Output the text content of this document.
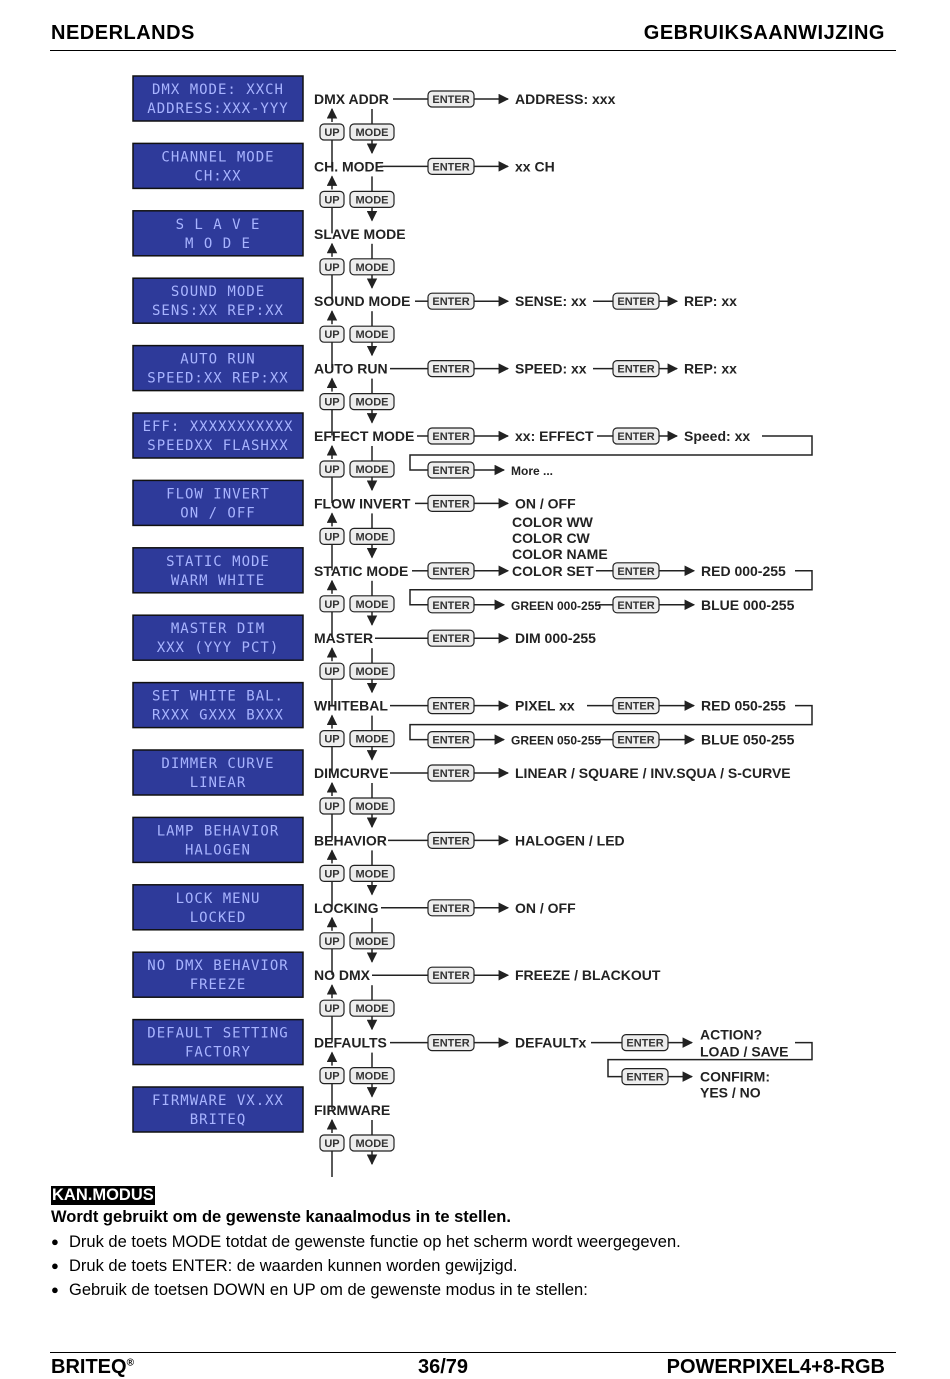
NEDERLANDS	GEBRUIKSAANWIJZING
DMX MODE: XXCH
ADDRESS:XXX-YYY
CHANNEL MODE
CH:XX
S L A V E
M O D E
SOUND MODE
SENS:XX REP:XX
AUTO RUN
SPEED:XX REP:XX
EFF: XXXXXXXXXXX
SPEEDXX FLASHXX
FLOW INVERT
ON / OFF
STATIC MODE
WARM WHITE
MASTER DIM
XXX (YYY PCT)
SET WHITE BAL.
RXXX GXXX BXXX
DIMMER CURVE
LINEAR
LAMP BEHAVIOR
HALOGEN
LOCK MENU
LOCKED
NO DMX BEHAVIOR
FREEZE
DEFAULT SETTING
FACTORY
FIRMWARE VX.XX
BRITEQ
DMX ADDR
CH. MODE
SLAVE MODE
SOUND MODE
AUTO RUN
EFFECT MODE
FLOW INVERT
STATIC MODE
MASTER
WHITEBAL
DIMCURVE
BEHAVIOR
LOCKING
NO DMX
DEFAULTS
FIRMWARE
UP MODE
UP MODE
UP MODE
UP MODE
UP MODE
UP MODE
UP MODE
UP MODE
UP MODE
UP MODE
UP MODE
UP MODE
UP MODE
UP MODE
UP MODE
UP MODE
ENTER
ENTER
ENTER	ENTER
ENTER	ENTER
ENTER	ENTER
ENTER
ENTER
ENTER	ENTER
ENTER	ENTER
ENTER
ENTER	ENTER
ENTER	ENTER
ENTER
ENTER
ENTER
ENTER
ENTER	ENTER
ENTER
ADDRESS: xxx
xx CH
SENSE: xx	REP: xx
SPEED: xx	REP: xx
xx: EFFECT	Speed: xx
More ...
ON / OFF
COLOR WW
COLOR CW
COLOR NAME
COLOR SET	RED 000-255
GREEN 000-255	BLUE 000-255
DIM 000-255
PIXEL xx	RED 050-255
GREEN 050-255	BLUE 050-255
LINEAR / SQUARE / INV.SQUA / S-CURVE
HALOGEN / LED
ON / OFF
FREEZE / BLACKOUT
DEFAULTx	ACTION?
LOAD / SAVE
CONFIRM:
YES / NO
KAN.MODUS
Wordt gebruikt om de gewenste kanaalmodus in te stellen.
● Druk de toets MODE totdat de gewenste functie op het scherm wordt weergegeven.
● Druk de toets ENTER: de waarden kunnen worden gewijzigd.
● Gebruik de toetsen DOWN en UP om de gewenste modus in te stellen:
BRITEQ®	36/79	POWERPIXEL4+8-RGB
